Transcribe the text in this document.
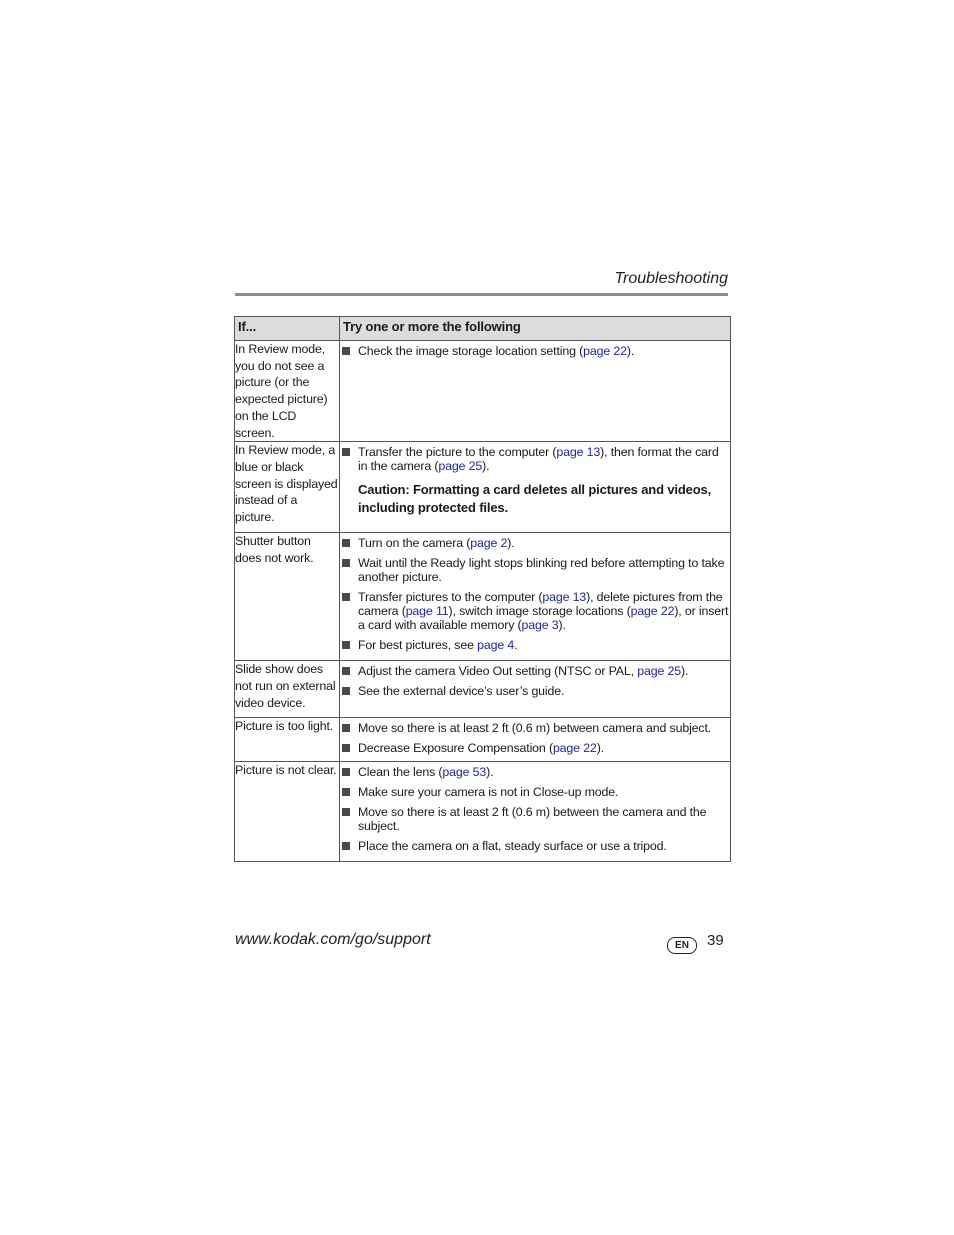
Troubleshooting
If...	Try one or more the following
In Review mode, you do not see a picture (or the expected picture) on the LCD screen.	Check the image storage location setting (page 22).

In Review mode, a blue or black screen is displayed instead of a picture.	Transfer the picture to the computer (page 13), then format the card in the camera (page 25).
Caution: Formatting a card deletes all pictures and videos, including protected files.

Shutter button does not work.	Turn on the camera (page 2).
Wait until the Ready light stops blinking red before attempting to take another picture.
Transfer pictures to the computer (page 13), delete pictures from the camera (page 11), switch image storage locations (page 22), or insert a card with available memory (page 3).
For best pictures, see page 4.

Slide show does not run on external video device.	Adjust the camera Video Out setting (NTSC or PAL, page 25).
See the external device’s user’s guide.

Picture is too light.	Move so there is at least 2 ft (0.6 m) between camera and subject.
Decrease Exposure Compensation (page 22).

Picture is not clear.	Clean the lens (page 53).
Make sure your camera is not in Close-up mode.
Move so there is at least 2 ft (0.6 m) between the camera and the subject.
Place the camera on a flat, steady surface or use a tripod.
www.kodak.com/go/support	EN	39
